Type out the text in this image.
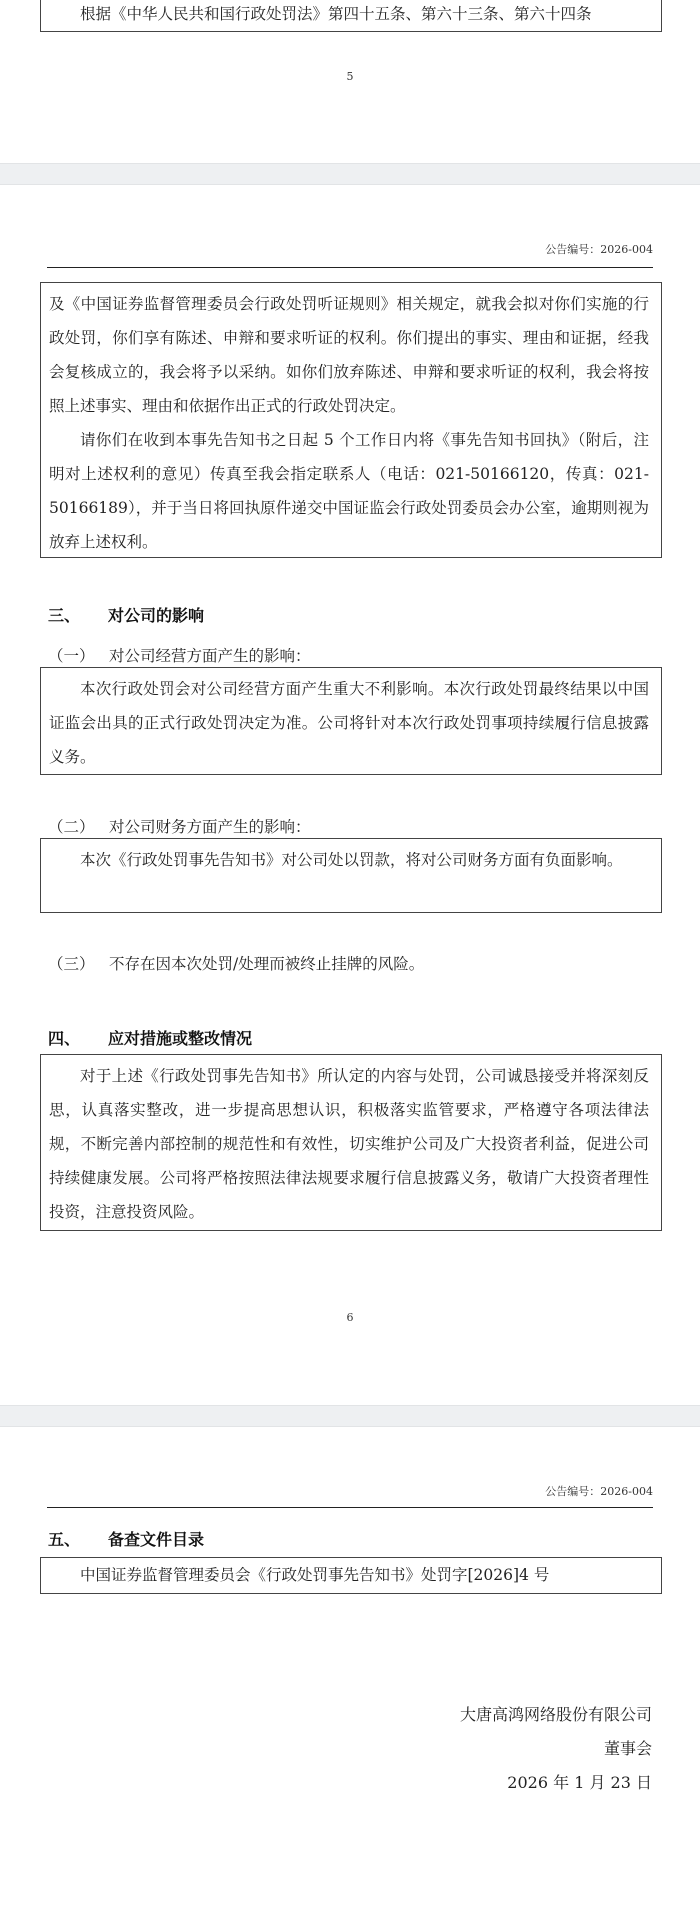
根据《中华人民共和国行政处罚法》第四十五条、第六十三条、第六十四条

5
公告编号：2026-004

及《中国证券监督管理委员会行政处罚听证规则》相关规定，就我会拟对你们实施的行政处罚，你们享有陈述、申辩和要求听证的权利。你们提出的事实、理由和证据，经我会复核成立的，我会将予以采纳。如你们放弃陈述、申辩和要求听证的权利，我会将按照上述事实、理由和依据作出正式的行政处罚决定。

请你们在收到本事先告知书之日起 5 个工作日内将《事先告知书回执》（附后，注明对上述权利的意见）传真至我会指定联系人（电话：021-50166120，传真：021-50166189），并于当日将回执原件递交中国证监会行政处罚委员会办公室，逾期则视为放弃上述权利。

三、 对公司的影响
（一） 对公司经营方面产生的影响：

本次行政处罚会对公司经营方面产生重大不利影响。本次行政处罚最终结果以中国证监会出具的正式行政处罚决定为准。公司将针对本次行政处罚事项持续履行信息披露义务。

（二） 对公司财务方面产生的影响：

本次《行政处罚事先告知书》对公司处以罚款，将对公司财务方面有负面影响。

（三） 不存在因本次处罚/处理而被终止挂牌的风险。
四、 应对措施或整改情况

对于上述《行政处罚事先告知书》所认定的内容与处罚，公司诚恳接受并将深刻反思，认真落实整改，进一步提高思想认识，积极落实监管要求，严格遵守各项法律法规，不断完善内部控制的规范性和有效性，切实维护公司及广大投资者利益，促进公司持续健康发展。公司将严格按照法律法规要求履行信息披露义务，敬请广大投资者理性投资，注意投资风险。

6
公告编号：2026-004
五、 备查文件目录

中国证券监督管理委员会《行政处罚事先告知书》处罚字[2026]4 号

大唐高鸿网络股份有限公司
董事会
2026 年 1 月 23 日
